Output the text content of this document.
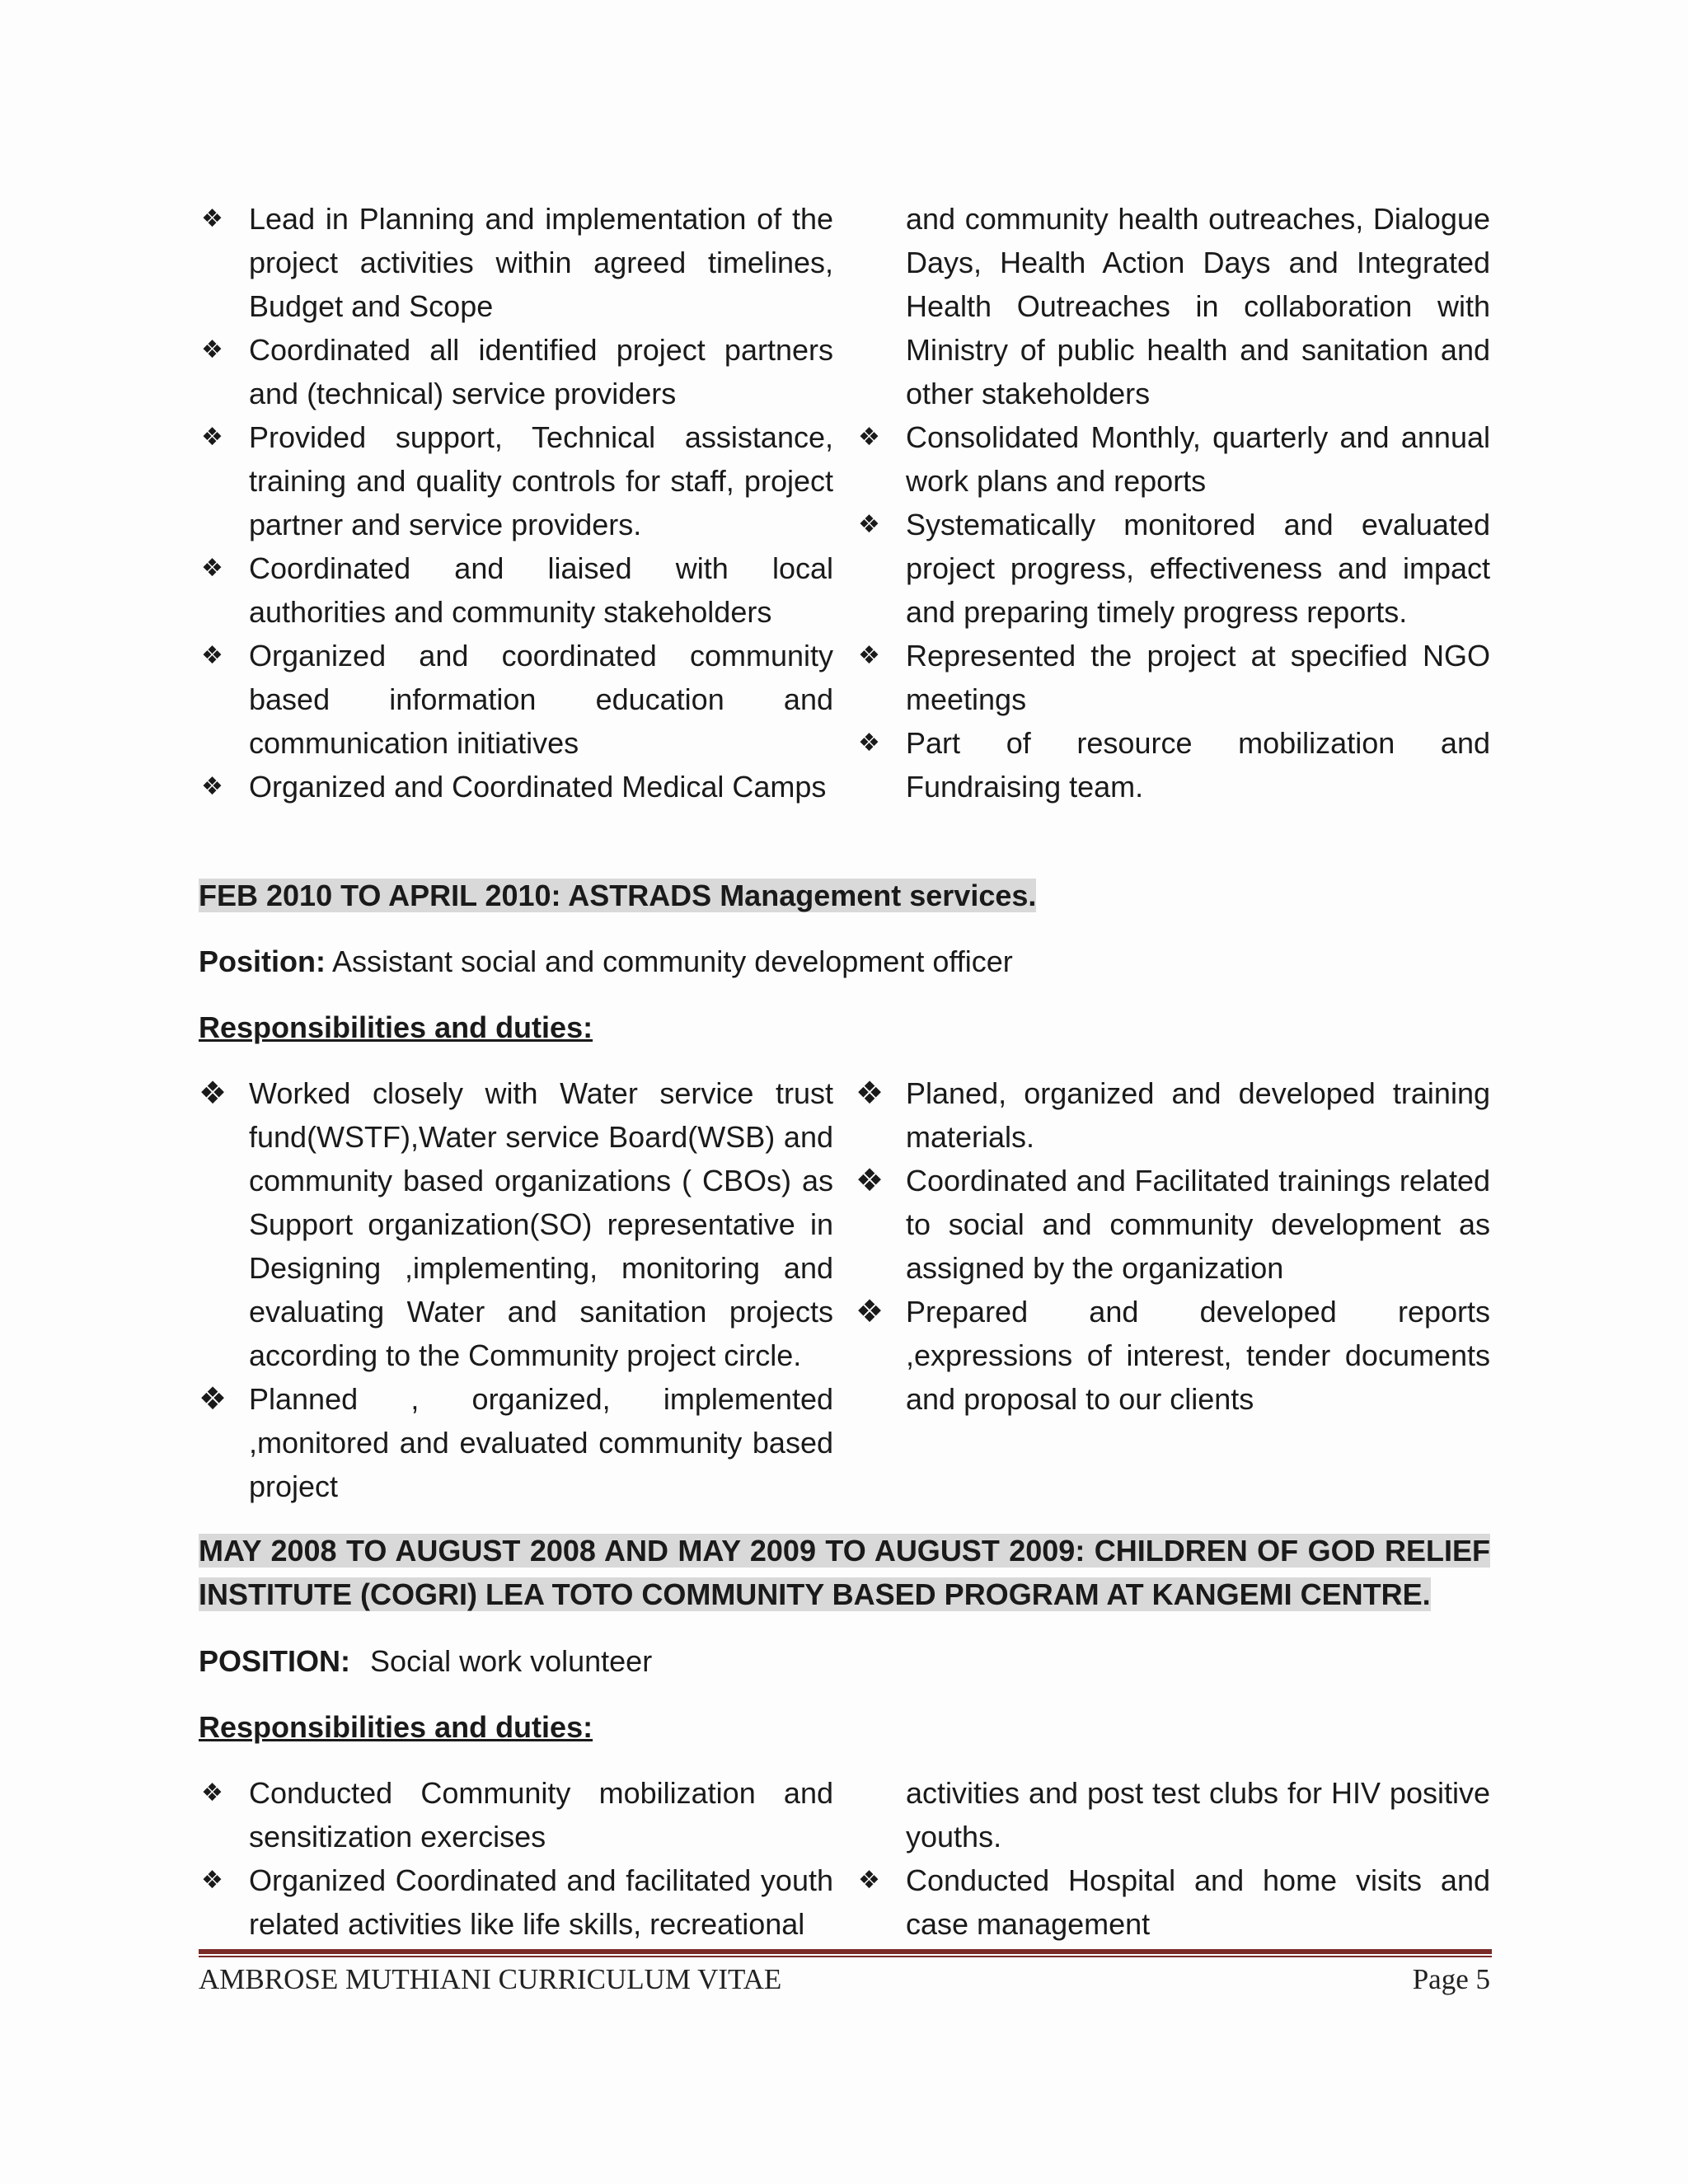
❖ Lead in Planning and implementation of the project activities within agreed timelines, Budget and Scope
❖ Coordinated all identified project partners and (technical) service providers
❖ Provided support, Technical assistance, training and quality controls for staff, project partner and service providers.
❖ Coordinated and liaised with local authorities and community stakeholders
❖ Organized and coordinated community based information education and communication initiatives
❖ Organized and Coordinated Medical Camps
and community health outreaches, Dialogue Days, Health Action Days and Integrated Health Outreaches in collaboration with Ministry of public health and sanitation and other stakeholders
❖ Consolidated Monthly, quarterly and annual work plans and reports
❖ Systematically monitored and evaluated project progress, effectiveness and impact and preparing timely progress reports.
❖ Represented the project at specified NGO meetings
❖ Part of resource mobilization and Fundraising team.
FEB 2010 TO APRIL 2010: ASTRADS Management services.
Position: Assistant social and community development officer
Responsibilities and duties:
❖ Worked closely with Water service trust fund(WSTF),Water service Board(WSB) and community based organizations ( CBOs) as Support organization(SO) representative in Designing ,implementing, monitoring and evaluating Water and sanitation projects according to the Community project circle.
❖ Planned , organized, implemented ,monitored and evaluated community based project
❖ Planed, organized and developed training materials.
❖ Coordinated and Facilitated trainings related to social and community development as assigned by the organization
❖ Prepared and developed reports ,expressions of interest, tender documents and proposal to our clients
MAY 2008 TO AUGUST 2008 AND MAY 2009 TO AUGUST 2009: CHILDREN OF GOD RELIEF INSTITUTE (COGRI) LEA TOTO COMMUNITY BASED PROGRAM AT KANGEMI CENTRE.
POSITION: Social work volunteer
Responsibilities and duties:
❖ Conducted Community mobilization and sensitization exercises
❖ Organized Coordinated and facilitated youth related activities like life skills, recreational
activities and post test clubs for HIV positive youths.
❖ Conducted Hospital and home visits and case management
AMBROSE MUTHIANI CURRICULUM VITAE	Page 5
